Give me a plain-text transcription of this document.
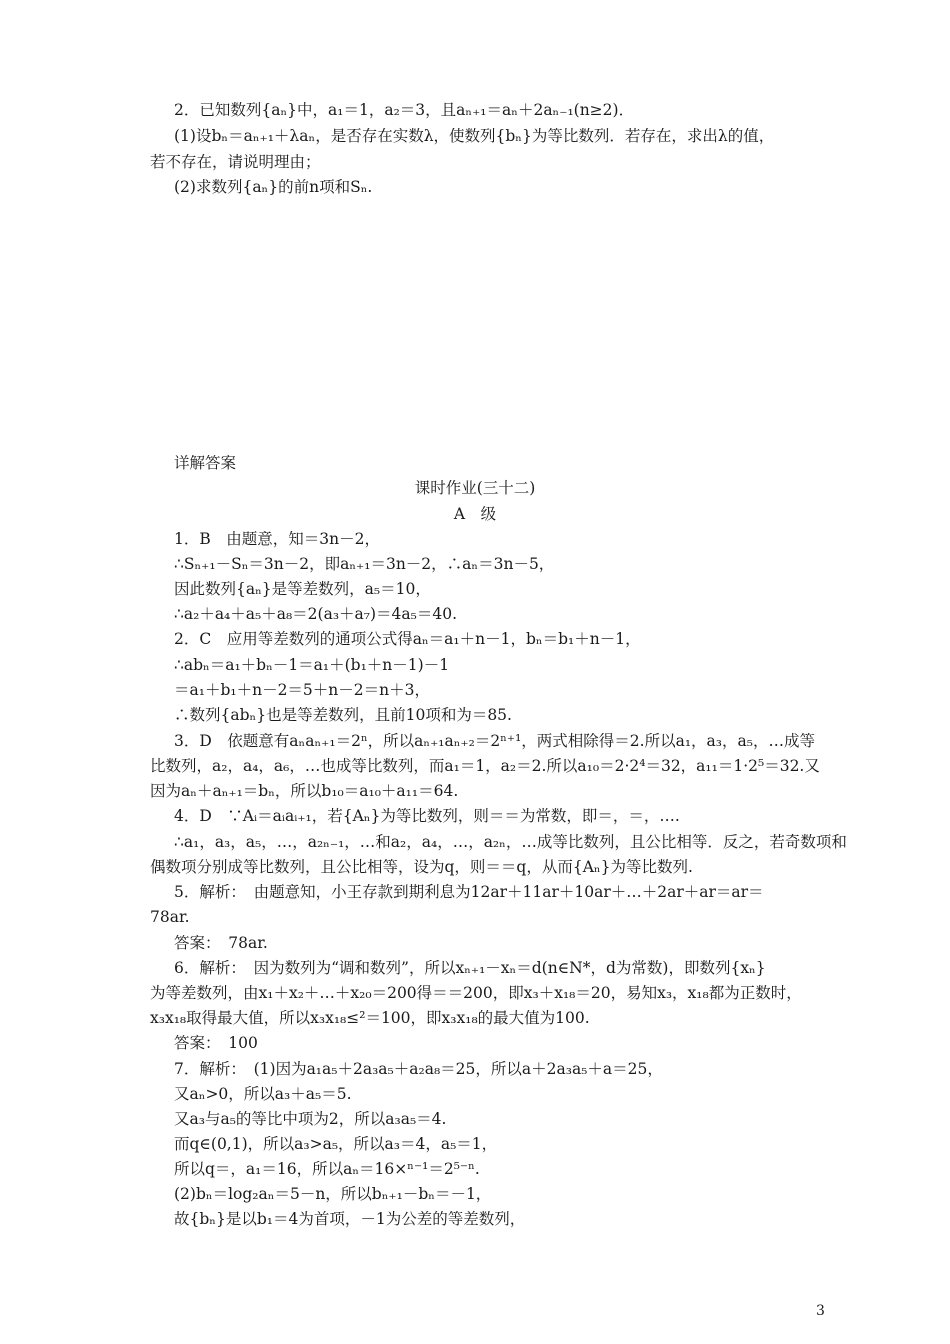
2．已知数列{aₙ}中，a₁＝1，a₂＝3，且aₙ₊₁＝aₙ＋2aₙ₋₁(n≥2)．
(1)设bₙ＝aₙ₊₁＋λaₙ，是否存在实数λ，使数列{bₙ}为等比数列．若存在，求出λ的值，
若不存在，请说明理由；
(2)求数列{aₙ}的前n项和Sₙ.
详解答案
课时作业(三十二)
A　级
1．B　由题意，知＝3n－2，
∴Sₙ₊₁－Sₙ＝3n－2，即aₙ₊₁＝3n－2，∴aₙ＝3n－5，
因此数列{aₙ}是等差数列，a₅＝10，
∴a₂＋a₄＋a₅＋a₈＝2(a₃＋a₇)＝4a₅＝40.
2．C　应用等差数列的通项公式得aₙ＝a₁＋n－1，bₙ＝b₁＋n－1，
∴abₙ＝a₁＋bₙ－1＝a₁＋(b₁＋n－1)－1
＝a₁＋b₁＋n－2＝5＋n－2＝n＋3，
∴数列{abₙ}也是等差数列，且前10项和为＝85.
3．D　依题意有aₙaₙ₊₁＝2ⁿ，所以aₙ₊₁aₙ₊₂＝2ⁿ⁺¹，两式相除得＝2.所以a₁，a₃，a₅，…成等
比数列，a₂，a₄，a₆，…也成等比数列，而a₁＝1，a₂＝2.所以a₁₀＝2·2⁴＝32，a₁₁＝1·2⁵＝32.又
因为aₙ＋aₙ₊₁＝bₙ，所以b₁₀＝a₁₀＋a₁₁＝64.
4．D　∵Aᵢ＝aᵢaᵢ₊₁，若{Aₙ}为等比数列，则＝＝为常数，即＝，＝，….
∴a₁，a₃，a₅，…，a₂ₙ₋₁，…和a₂，a₄，…，a₂ₙ，…成等比数列，且公比相等．反之，若奇数项和
偶数项分别成等比数列，且公比相等，设为q，则＝＝q，从而{Aₙ}为等比数列.
5．解析：　由题意知，小王存款到期利息为12ar＋11ar＋10ar＋…＋2ar＋ar＝ar＝
78ar.
答案：　78ar.
6．解析：　因为数列为“调和数列”，所以xₙ₊₁－xₙ＝d(n∈N*，d为常数)，即数列{xₙ}
为等差数列，由x₁＋x₂＋…＋x₂₀＝200得＝＝200，即x₃＋x₁₈＝20，易知x₃，x₁₈都为正数时，
x₃x₁₈取得最大值，所以x₃x₁₈≤²＝100，即x₃x₁₈的最大值为100.
答案：　100
7．解析：　(1)因为a₁a₅＋2a₃a₅＋a₂a₈＝25，所以a＋2a₃a₅＋a＝25，
又aₙ>0，所以a₃＋a₅＝5.
又a₃与a₅的等比中项为2，所以a₃a₅＝4.
而q∈(0,1)，所以a₃>a₅，所以a₃＝4，a₅＝1，
所以q＝，a₁＝16，所以aₙ＝16×ⁿ⁻¹＝2⁵⁻ⁿ.
(2)bₙ＝log₂aₙ＝5－n，所以bₙ₊₁－bₙ＝－1，
故{bₙ}是以b₁＝4为首项，－1为公差的等差数列，
3
